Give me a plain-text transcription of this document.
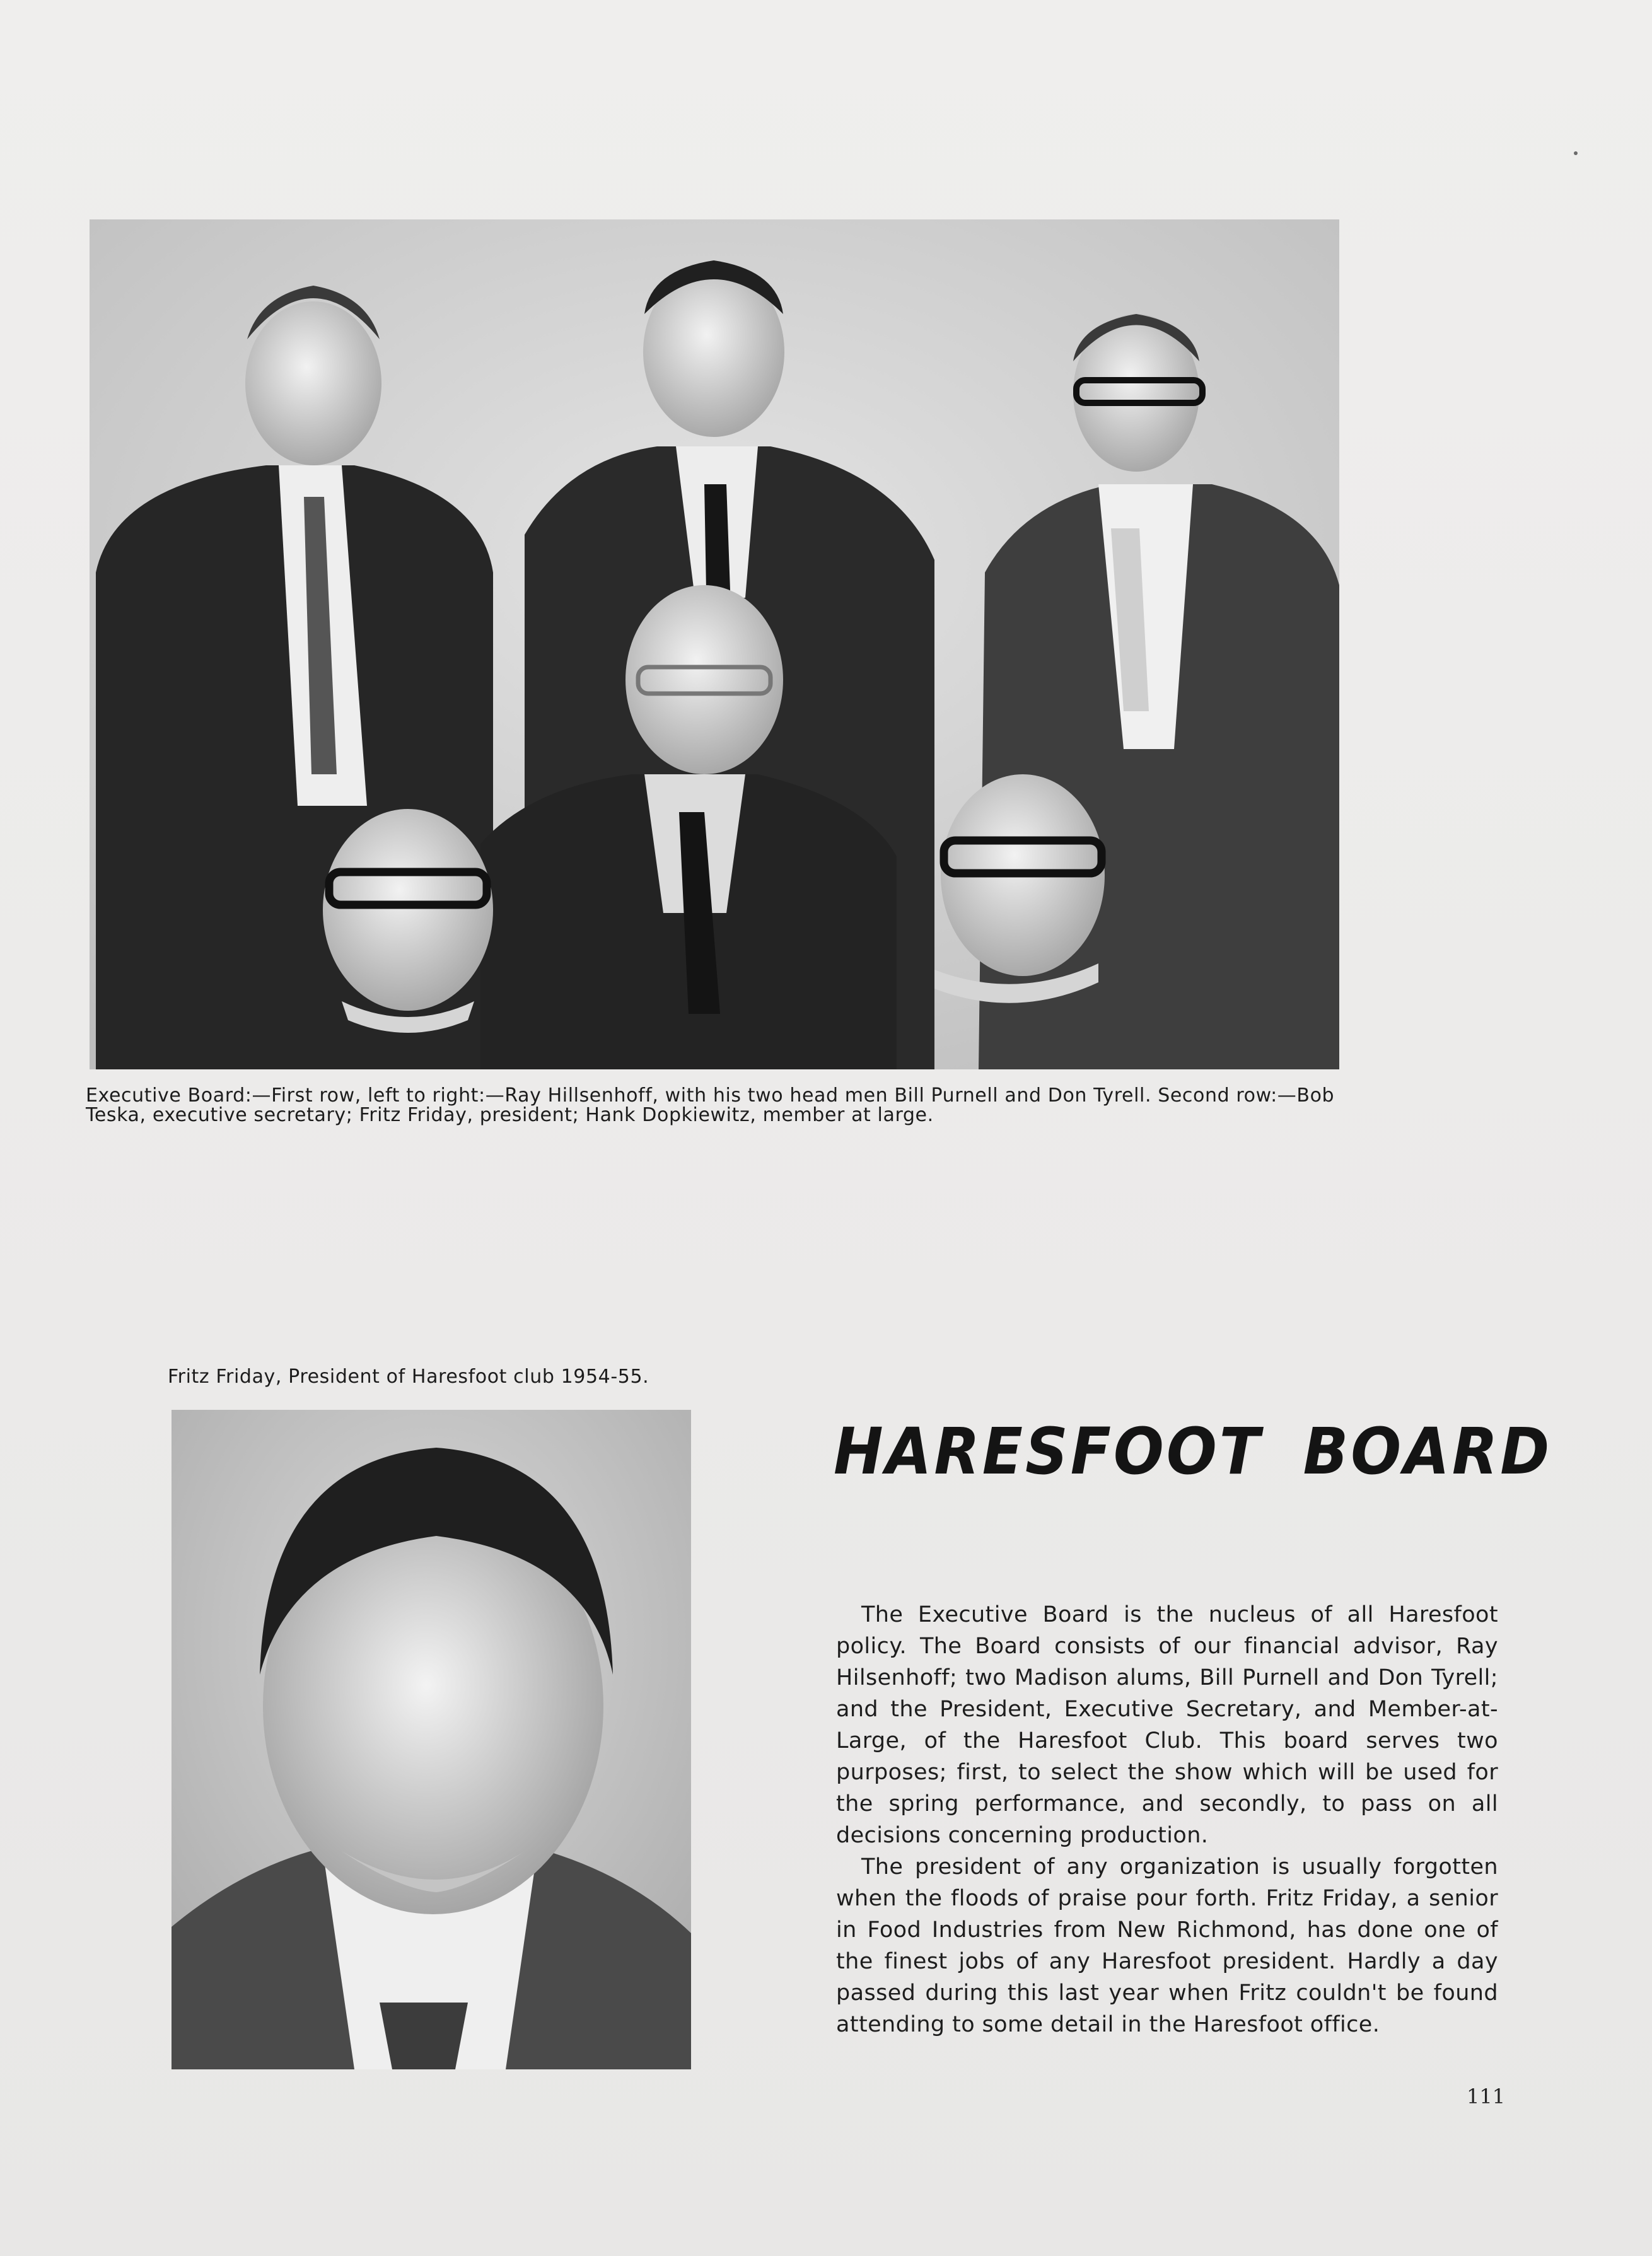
Executive Board:—First row, left to right:—Ray Hillsenhoff, with his two head men Bill Purnell and Don Tyrell. Second row:—Bob Teska, executive secretary; Fritz Friday, president; Hank Dopkiewitz, member at large.

Fritz Friday, President of Haresfoot club 1954-55.

HARESFOOT BOARD

The Executive Board is the nucleus of all Haresfoot policy. The Board consists of our financial advisor, Ray Hilsenhoff; two Madison alums, Bill Purnell and Don Tyrell; and the President, Executive Secretary, and Member-at-Large, of the Haresfoot Club. This board serves two purposes; first, to select the show which will be used for the spring performance, and secondly, to pass on all decisions concerning production.

The president of any organization is usually forgotten when the floods of praise pour forth. Fritz Friday, a senior in Food Industries from New Richmond, has done one of the finest jobs of any Haresfoot president. Hardly a day passed during this last year when Fritz couldn't be found attending to some detail in the Haresfoot office.

111
